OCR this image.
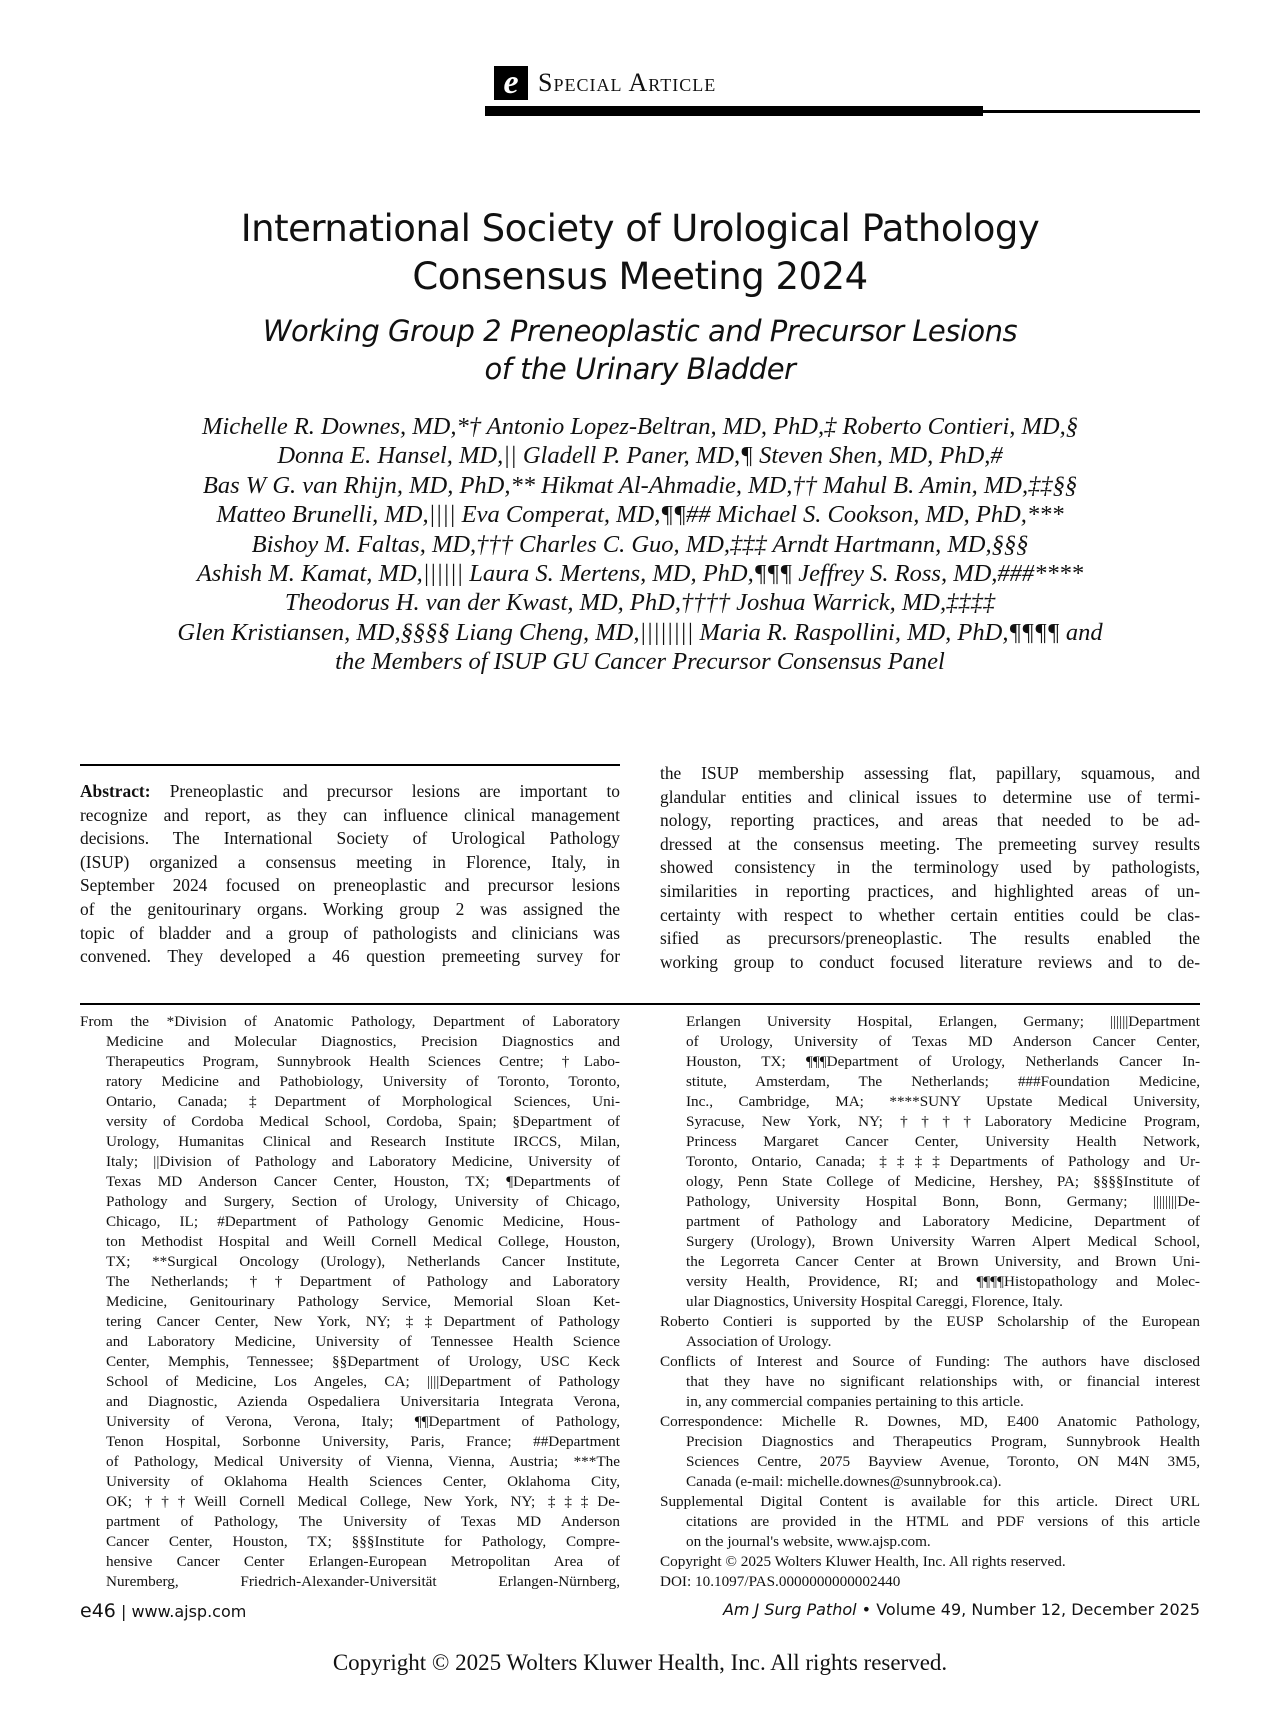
e Special Article
International Society of Urological Pathology
Consensus Meeting 2024
Working Group 2 Preneoplastic and Precursor Lesions
of the Urinary Bladder
Michelle R. Downes, MD,*† Antonio Lopez-Beltran, MD, PhD,‡ Roberto Contieri, MD,§
Donna E. Hansel, MD,|| Gladell P. Paner, MD,¶ Steven Shen, MD, PhD,#
Bas W G. van Rhijn, MD, PhD,** Hikmat Al-Ahmadie, MD,†† Mahul B. Amin, MD,‡‡§§
Matteo Brunelli, MD,|||| Eva Comperat, MD,¶¶## Michael S. Cookson, MD, PhD,***
Bishoy M. Faltas, MD,††† Charles C. Guo, MD,‡‡‡ Arndt Hartmann, MD,§§§
Ashish M. Kamat, MD,|||||| Laura S. Mertens, MD, PhD,¶¶¶ Jeffrey S. Ross, MD,###****
Theodorus H. van der Kwast, MD, PhD,†††† Joshua Warrick, MD,‡‡‡‡
Glen Kristiansen, MD,§§§§ Liang Cheng, MD,|||||||| Maria R. Raspollini, MD, PhD,¶¶¶¶ and
the Members of ISUP GU Cancer Precursor Consensus Panel
Abstract: Preneoplastic and precursor lesions are important to
recognize and report, as they can influence clinical management
decisions. The International Society of Urological Pathology
(ISUP) organized a consensus meeting in Florence, Italy, in
September 2024 focused on preneoplastic and precursor lesions
of the genitourinary organs. Working group 2 was assigned the
topic of bladder and a group of pathologists and clinicians was
convened. They developed a 46 question premeeting survey for
the ISUP membership assessing flat, papillary, squamous, and
glandular entities and clinical issues to determine use of termi-
nology, reporting practices, and areas that needed to be ad-
dressed at the consensus meeting. The premeeting survey results
showed consistency in the terminology used by pathologists,
similarities in reporting practices, and highlighted areas of un-
certainty with respect to whether certain entities could be clas-
sified as precursors/preneoplastic. The results enabled the
working group to conduct focused literature reviews and to de-
From the *Division of Anatomic Pathology, Department of Laboratory
Medicine and Molecular Diagnostics, Precision Diagnostics and
Therapeutics Program, Sunnybrook Health Sciences Centre; †Labo-
ratory Medicine and Pathobiology, University of Toronto, Toronto,
Ontario, Canada; ‡Department of Morphological Sciences, Uni-
versity of Cordoba Medical School, Cordoba, Spain; §Department of
Urology, Humanitas Clinical and Research Institute IRCCS, Milan,
Italy; ||Division of Pathology and Laboratory Medicine, University of
Texas MD Anderson Cancer Center, Houston, TX; ¶Departments of
Pathology and Surgery, Section of Urology, University of Chicago,
Chicago, IL; #Department of Pathology Genomic Medicine, Hous-
ton Methodist Hospital and Weill Cornell Medical College, Houston,
TX; **Surgical Oncology (Urology), Netherlands Cancer Institute,
The Netherlands; ††Department of Pathology and Laboratory
Medicine, Genitourinary Pathology Service, Memorial Sloan Ket-
tering Cancer Center, New York, NY; ‡‡Department of Pathology
and Laboratory Medicine, University of Tennessee Health Science
Center, Memphis, Tennessee; §§Department of Urology, USC Keck
School of Medicine, Los Angeles, CA; ||||Department of Pathology
and Diagnostic, Azienda Ospedaliera Universitaria Integrata Verona,
University of Verona, Verona, Italy; ¶¶Department of Pathology,
Tenon Hospital, Sorbonne University, Paris, France; ##Department
of Pathology, Medical University of Vienna, Vienna, Austria; ***The
University of Oklahoma Health Sciences Center, Oklahoma City,
OK; †††Weill Cornell Medical College, New York, NY; ‡‡‡De-
partment of Pathology, The University of Texas MD Anderson
Cancer Center, Houston, TX; §§§Institute for Pathology, Compre-
hensive Cancer Center Erlangen-European Metropolitan Area of
Nuremberg, Friedrich-Alexander-Universität Erlangen-Nürnberg,
Erlangen University Hospital, Erlangen, Germany; ||||||Department
of Urology, University of Texas MD Anderson Cancer Center,
Houston, TX; ¶¶¶Department of Urology, Netherlands Cancer In-
stitute, Amsterdam, The Netherlands; ###Foundation Medicine,
Inc., Cambridge, MA; ****SUNY Upstate Medical University,
Syracuse, New York, NY; ††††Laboratory Medicine Program,
Princess Margaret Cancer Center, University Health Network,
Toronto, Ontario, Canada; ‡‡‡‡Departments of Pathology and Ur-
ology, Penn State College of Medicine, Hershey, PA; §§§§Institute of
Pathology, University Hospital Bonn, Bonn, Germany; ||||||||De-
partment of Pathology and Laboratory Medicine, Department of
Surgery (Urology), Brown University Warren Alpert Medical School,
the Legorreta Cancer Center at Brown University, and Brown Uni-
versity Health, Providence, RI; and ¶¶¶¶Histopathology and Molec-
ular Diagnostics, University Hospital Careggi, Florence, Italy.
Roberto Contieri is supported by the EUSP Scholarship of the European
Association of Urology.
Conflicts of Interest and Source of Funding: The authors have disclosed
that they have no significant relationships with, or financial interest
in, any commercial companies pertaining to this article.
Correspondence: Michelle R. Downes, MD, E400 Anatomic Pathology,
Precision Diagnostics and Therapeutics Program, Sunnybrook Health
Sciences Centre, 2075 Bayview Avenue, Toronto, ON M4N 3M5,
Canada (e-mail: michelle.downes@sunnybrook.ca).
Supplemental Digital Content is available for this article. Direct URL
citations are provided in the HTML and PDF versions of this article
on the journal's website, www.ajsp.com.
Copyright © 2025 Wolters Kluwer Health, Inc. All rights reserved.
DOI: 10.1097/PAS.0000000000002440
e46 | www.ajsp.com	Am J Surg Pathol • Volume 49, Number 12, December 2025
Copyright © 2025 Wolters Kluwer Health, Inc. All rights reserved.
